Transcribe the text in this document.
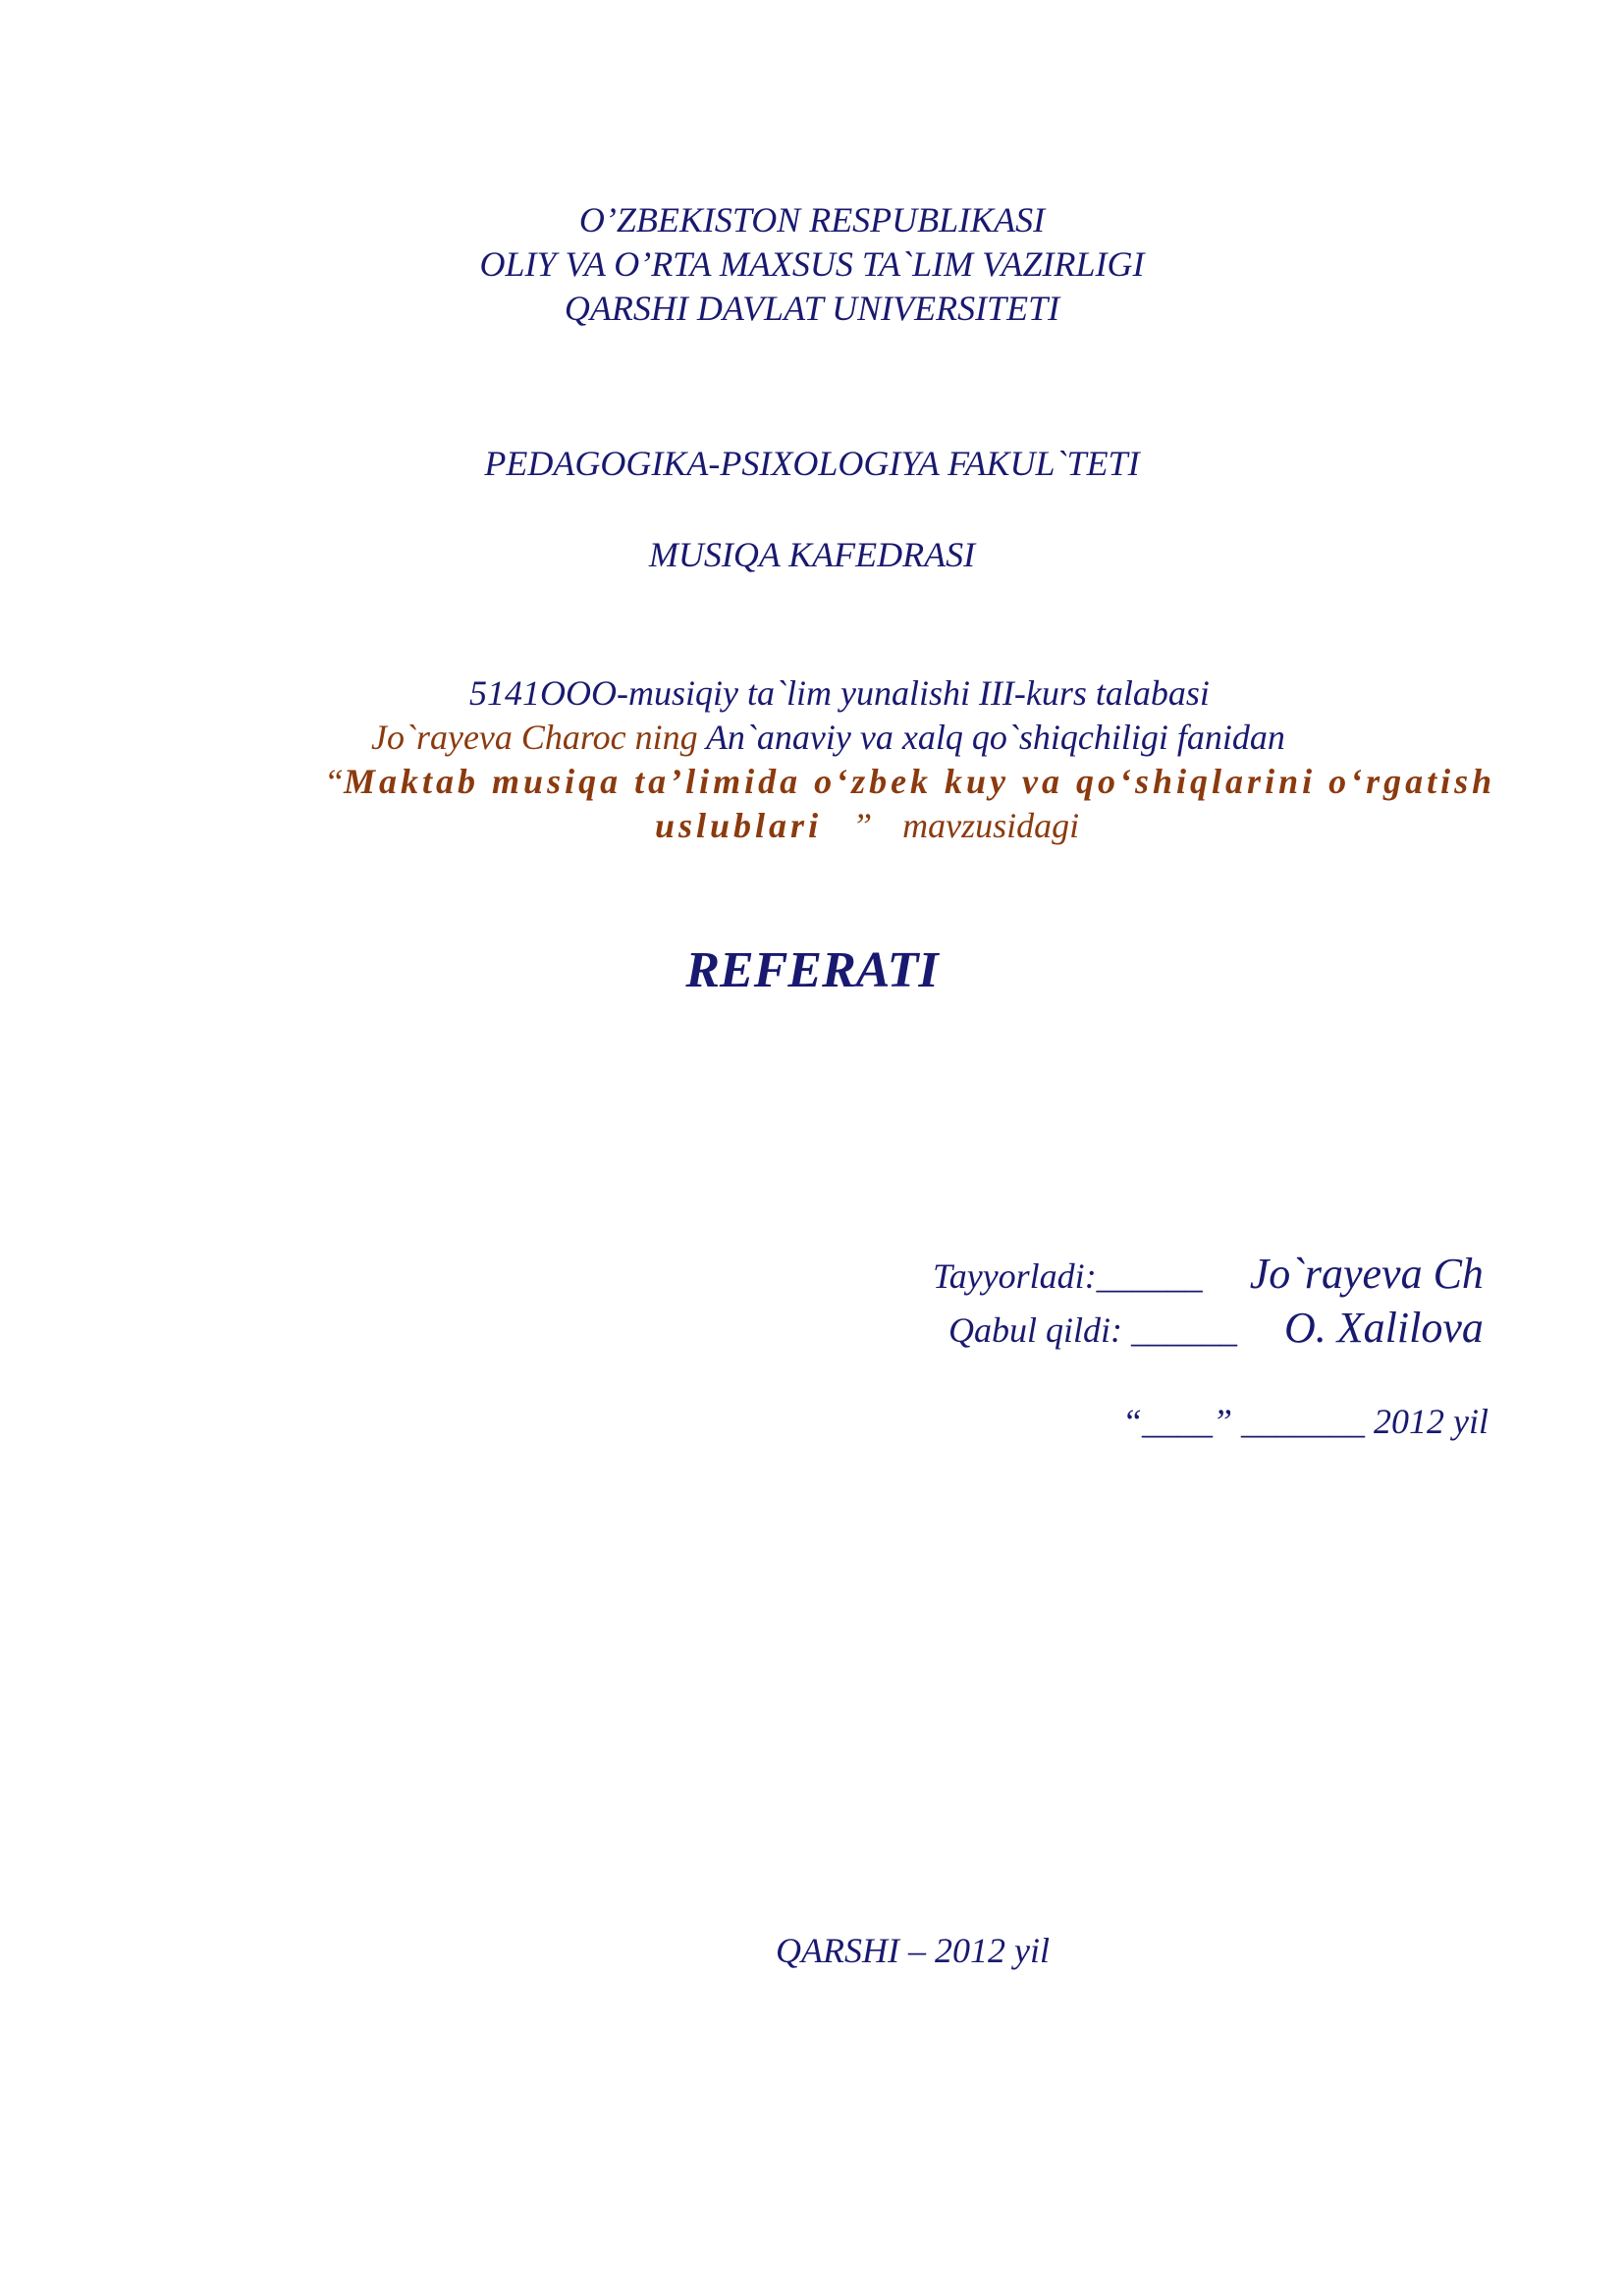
O’ZBEKISTON RESPUBLIKASI
OLIY VA O’RTA MAXSUS TA`LIM VAZIRLIGI
QARSHI DAVLAT UNIVERSITETI
PEDAGOGIKA-PSIXOLOGIYA FAKUL`TETI
MUSIQA KAFEDRASI
5141OOO-musiqiy ta`lim yunalishi III-kurs talabasi
Jo`rayeva Charoc ning An`anaviy va xalq qo`shiqchiligi fanidan
“Maktab musiqa ta’limida o‘zbek kuy va qo‘shiqlarini o‘rgatish
uslublari ” mavzusidagi
REFERATI
Tayyorladi:______ Jo`rayeva Ch
Qabul qildi: ______ O. Xalilova
“____” _______ 2012 yil
QARSHI – 2012 yil
